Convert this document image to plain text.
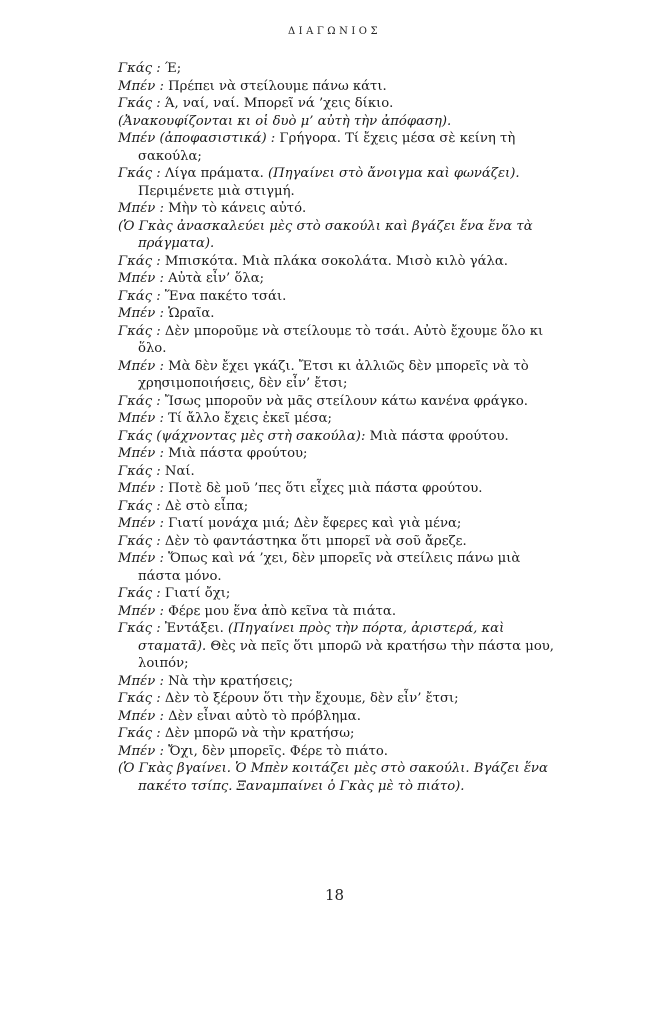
ΔΙΑΓΩΝΙΟΣ

Γκάς : Έ;

Μπέν : Πρέπει νὰ στείλουμε πάνω κάτι.

Γκάς : Ά, ναί, ναί. Μπορεῖ νά ’χεις δίκιο.

(Ἀνακουφίζονται κι οἱ δυὸ μ’ αὐτὴ τὴν ἀπόφαση).

Μπέν (ἀποφασιστικά) : Γρήγορα. Τί ἔχεις μέσα σὲ κείνη τὴ σακούλα;

Γκάς : Λίγα πράματα. (Πηγαίνει στὸ ἄνοιγμα καὶ φωνάζει). Περιμένετε μιὰ στιγμή.

Μπέν : Μὴν τὸ κάνεις αὐτό.

(Ὁ Γκὰς ἀνασκαλεύει μὲς στὸ σακούλι καὶ βγάζει ἕνα ἕνα τὰ πράγματα).

Γκάς : Μπισκότα. Μιὰ πλάκα σοκολάτα. Μισὸ κιλὸ γάλα.

Μπέν : Αὐτὰ εἶν’ ὅλα;

Γκάς : Ἕνα πακέτο τσάι.

Μπέν : Ὡραῖα.

Γκάς : Δὲν μποροῦμε νὰ στείλουμε τὸ τσάι. Αὐτὸ ἔχουμε ὅλο κι ὅλο.

Μπέν : Μὰ δὲν ἔχει γκάζι. Ἔτσι κι ἀλλιῶς δὲν μπορεῖς νὰ τὸ χρησιμοποιήσεις, δὲν εἶν’ ἔτσι;

Γκάς : Ἴσως μποροῦν νὰ μᾶς στείλουν κάτω κανένα φράγκο.

Μπέν : Τί ἄλλο ἔχεις ἐκεῖ μέσα;

Γκάς (ψάχνοντας μὲς στὴ σακούλα): Μιὰ πάστα φρούτου.

Μπέν : Μιὰ πάστα φρούτου;

Γκάς : Ναί.

Μπέν : Ποτὲ δὲ μοῦ ’πες ὅτι εἶχες μιὰ πάστα φρούτου.

Γκάς : Δὲ στὸ εἶπα;

Μπέν : Γιατί μονάχα μιά; Δὲν ἔφερες καὶ γιὰ μένα;

Γκάς : Δὲν τὸ φαντάστηκα ὅτι μπορεῖ νὰ σοῦ ἄρεζε.

Μπέν : Ὅπως καὶ νά ’χει, δὲν μπορεῖς νὰ στείλεις πάνω μιὰ πάστα μόνο.

Γκάς : Γιατί ὄχι;

Μπέν : Φέρε μου ἕνα ἀπὸ κεῖνα τὰ πιάτα.

Γκάς : Ἐντάξει. (Πηγαίνει πρὸς τὴν πόρτα, ἀριστερά, καὶ σταματᾶ). Θὲς νὰ πεῖς ὅτι μπορῶ νὰ κρατήσω τὴν πάστα μου, λοιπόν;

Μπέν : Νὰ τὴν κρατήσεις;

Γκάς : Δὲν τὸ ξέρουν ὅτι τὴν ἔχουμε, δὲν εἶν’ ἔτσι;

Μπέν : Δὲν εἶναι αὐτὸ τὸ πρόβλημα.

Γκάς : Δὲν μπορῶ νὰ τὴν κρατήσω;

Μπέν : Ὄχι, δὲν μπορεῖς. Φέρε τὸ πιάτο.

(Ὁ Γκὰς βγαίνει. Ὁ Μπὲν κοιτάζει μὲς στὸ σακούλι. Βγάζει ἕνα πακέτο τσίπς. Ξαναμπαίνει ὁ Γκὰς μὲ τὸ πιάτο).

18
